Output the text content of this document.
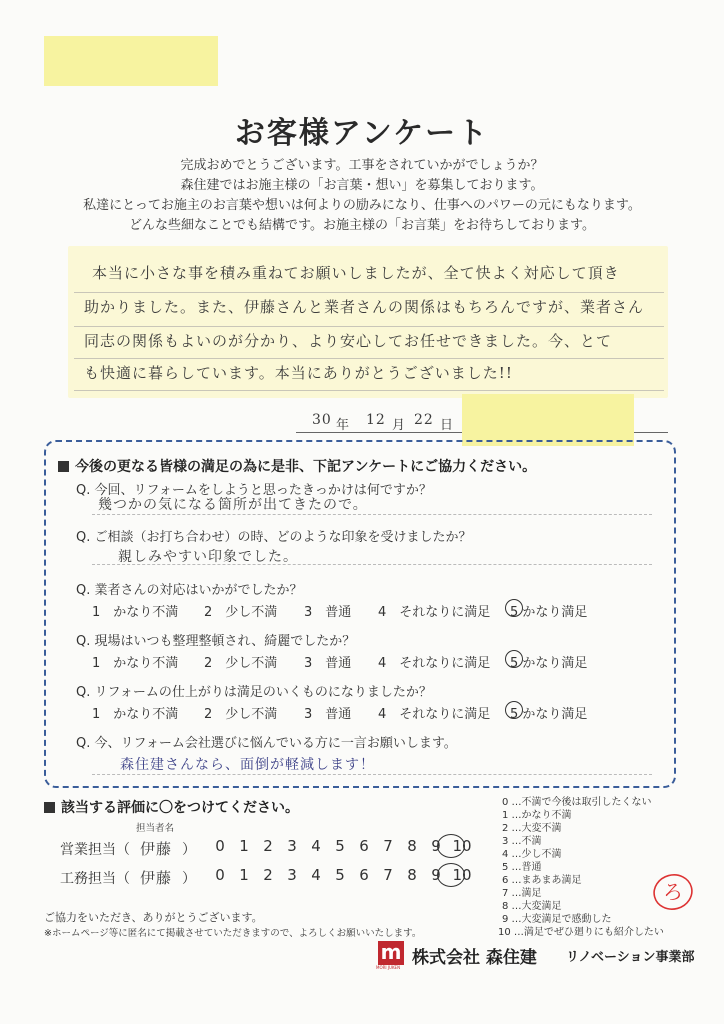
お客様アンケート
完成おめでとうございます。工事をされていかがでしょうか？
森住建ではお施主様の「お言葉・想い」を募集しております。
私達にとってお施主のお言葉や想いは何よりの励みになり、仕事へのパワーの元にもなります。
どんな些細なことでも結構です。お施主様の「お言葉」をお待ちしております。
本当に小さな事を積み重ねてお願いしましたが、全て快よく対応して頂き
助かりました。また、伊藤さんと業者さんの関係はもちろんですが、業者さん
同志の関係もよいのが分かり、より安心してお任せできました。今、とて
も快適に暮らしています。本当にありがとうございました!!
30 年 12 月 22 日
今後の更なる皆様の満足の為に是非、下記アンケートにご協力ください。
Q. 今回、リフォームをしようと思ったきっかけは何ですか？
幾つかの気になる箇所が出てきたので。
Q. ご相談（お打ち合わせ）の時、どのような印象を受けましたか？
親しみやすい印象でした。
Q. 業者さんの対応はいかがでしたか？
1　 かなり不満 2　 少し不満 3　 普通 4　 それなりに満足 5 かなり満足
Q. 現場はいつも整理整頓され、綺麗でしたか？
1　 かなり不満 2　 少し不満 3　 普通 4　 それなりに満足 5 かなり満足
Q. リフォームの仕上がりは満足のいくものになりましたか？
1　 かなり不満 2　 少し不満 3　 普通 4　 それなりに満足 5 かなり満足
Q. 今、リフォーム会社選びに悩んでいる方に一言お願いします。
森住建さんなら、面倒が軽減します！
該当する評価に〇をつけてください。
担当者名
営業担当（ 伊藤 ）	0 1 2 3 4 5 6 7 8 9 10
工務担当（ 伊藤 ）	0 1 2 3 4 5 6 7 8 9 10
0 …不満で今後は取引したくない
1 …かなり不満
2 …大変不満
3 …不満
4 …少し不満
5 …普通
6 …まあまあ満足
7 …満足
8 …大変満足
9 …大変満足で感動した
10 …満足でぜひ廻りにも紹介したい
ろ
ご協力をいただき、ありがとうございます。
※ホームページ等に匿名にて掲載させていただきますので、よろしくお願いいたします。
m
MORI JUKEN 株式会社 森住建 リノベーション事業部
